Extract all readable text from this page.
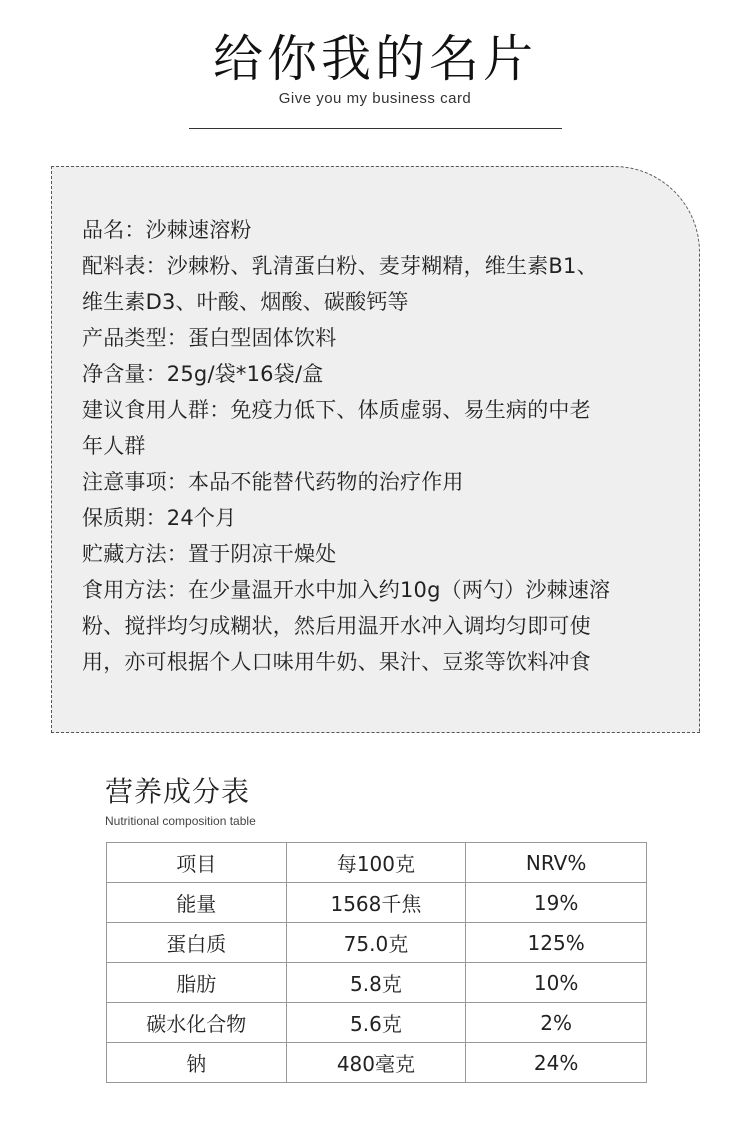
给你我的名片
Give you my business card
品名：沙棘速溶粉
配料表：沙棘粉、乳清蛋白粉、麦芽糊精，维生素B1、
维生素D3、叶酸、烟酸、碳酸钙等
产品类型：蛋白型固体饮料
净含量：25g/袋*16袋/盒
建议食用人群：免疫力低下、体质虚弱、易生病的中老
年人群
注意事项：本品不能替代药物的治疗作用
保质期：24个月
贮藏方法：置于阴凉干燥处
食用方法：在少量温开水中加入约10g（两勺）沙棘速溶
粉、搅拌均匀成糊状，然后用温开水冲入调均匀即可使
用，亦可根据个人口味用牛奶、果汁、豆浆等饮料冲食
营养成分表
Nutritional composition table
项目	每100克	NRV%
能量	1568千焦	19%
蛋白质	75.0克	125%
脂肪	5.8克	10%
碳水化合物	5.6克	2%
钠	480毫克	24%
